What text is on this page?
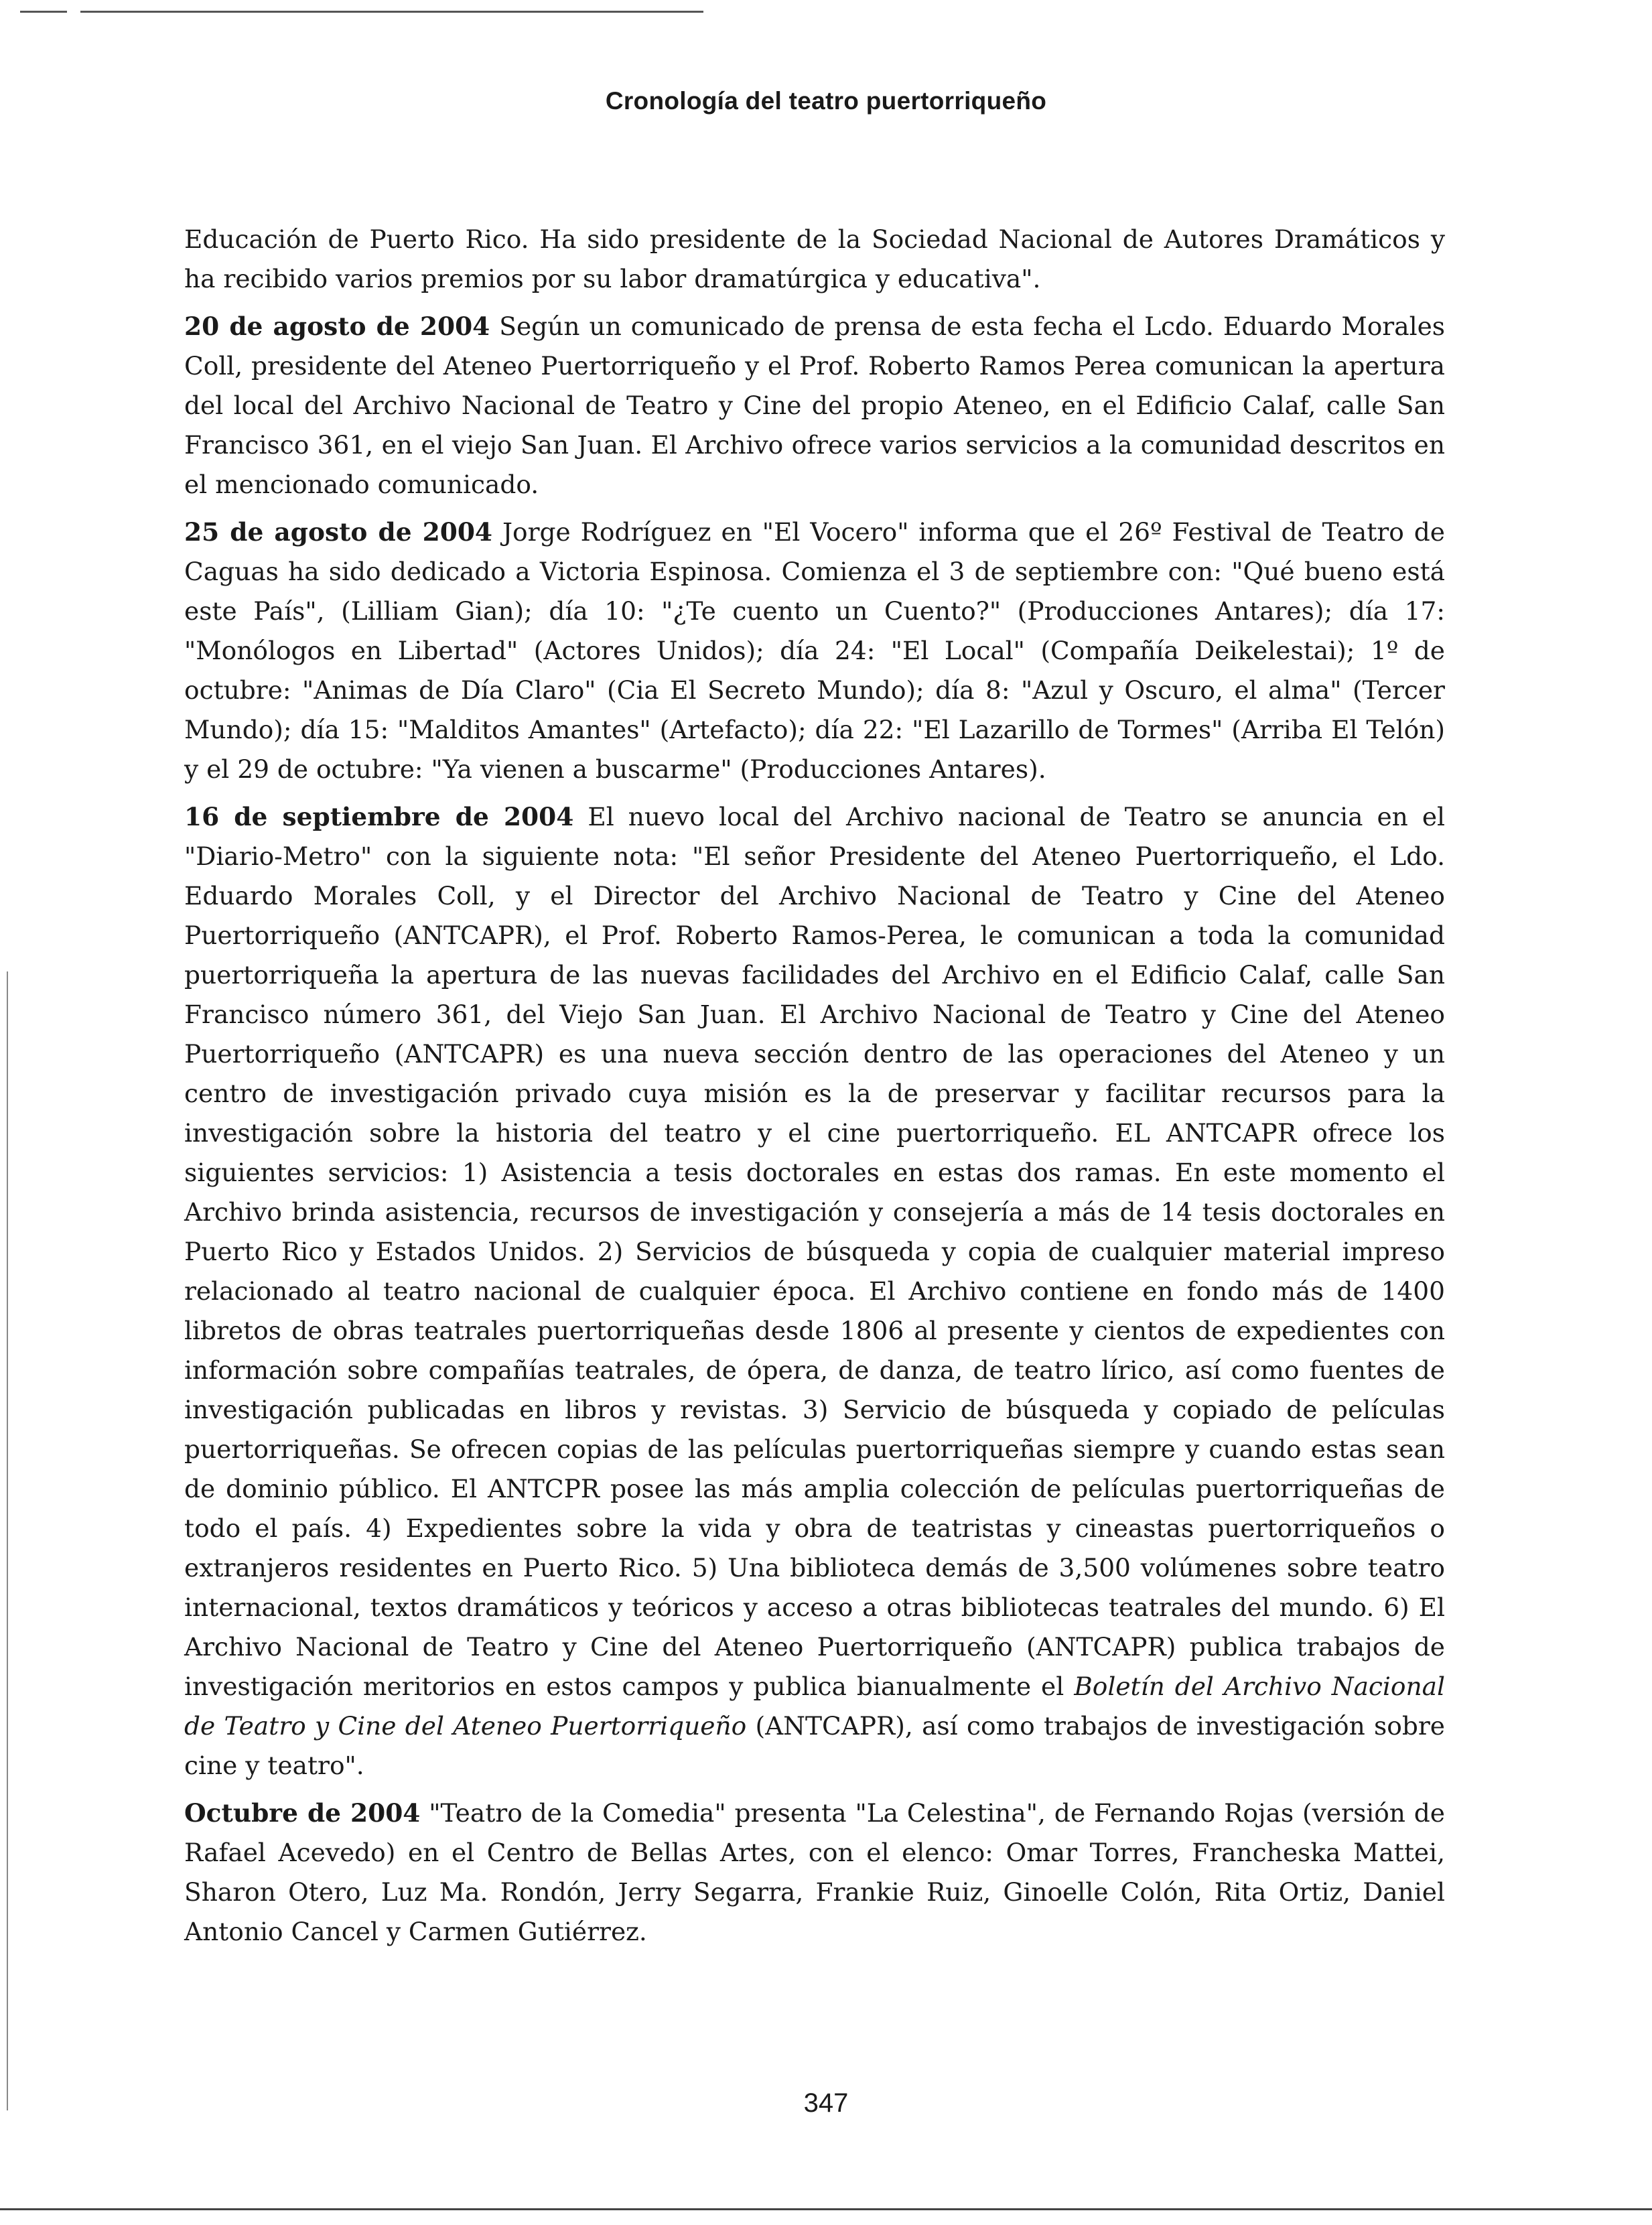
Cronología del teatro puertorriqueño

Educación de Puerto Rico. Ha sido presidente de la Sociedad Nacional de Autores Dramáticos y ha recibido varios premios por su labor dramatúrgica y educativa".

20 de agosto de 2004 Según un comunicado de prensa de esta fecha el Lcdo. Eduardo Morales Coll, presidente del Ateneo Puertorriqueño y el Prof. Roberto Ramos Perea comunican la apertura del local del Archivo Nacional de Teatro y Cine del propio Ateneo, en el Edificio Calaf, calle San Francisco 361, en el viejo San Juan. El Archivo ofrece varios servicios a la comunidad descritos en el mencionado comunicado.

25 de agosto de 2004 Jorge Rodríguez en "El Vocero" informa que el 26º Festival de Teatro de Caguas ha sido dedicado a Victoria Espinosa. Comienza el 3 de septiembre con: "Qué bueno está este País", (Lilliam Gian); día 10: "¿Te cuento un Cuento?" (Producciones Antares); día 17: "Monólogos en Libertad" (Actores Unidos); día 24: "El Local" (Compañía Deikelestai); 1º de octubre: "Animas de Día Claro" (Cia El Secreto Mundo); día 8: "Azul y Oscuro, el alma" (Tercer Mundo); día 15: "Malditos Amantes" (Artefacto); día 22: "El Lazarillo de Tormes" (Arriba El Telón) y el 29 de octubre: "Ya vienen a buscarme" (Producciones Antares).

16 de septiembre de 2004 El nuevo local del Archivo nacional de Teatro se anuncia en el "Diario-Metro" con la siguiente nota: "El señor Presidente del Ateneo Puertorriqueño, el Ldo. Eduardo Morales Coll, y el Director del Archivo Nacional de Teatro y Cine del Ateneo Puertorriqueño (ANTCAPR), el Prof. Roberto Ramos-Perea, le comunican a toda la comunidad puertorriqueña la apertura de las nuevas facilidades del Archivo en el Edificio Calaf, calle San Francisco número 361, del Viejo San Juan. El Archivo Nacional de Teatro y Cine del Ateneo Puertorriqueño (ANTCAPR) es una nueva sección dentro de las operaciones del Ateneo y un centro de investigación privado cuya misión es la de preservar y facilitar recursos para la investigación sobre la historia del teatro y el cine puertorriqueño. EL ANTCAPR ofrece los siguientes servicios: 1) Asistencia a tesis doctorales en estas dos ramas. En este momento el Archivo brinda asistencia, recursos de investigación y consejería a más de 14 tesis doctorales en Puerto Rico y Estados Unidos. 2) Servicios de búsqueda y copia de cualquier material impreso relacionado al teatro nacional de cualquier época. El Archivo contiene en fondo más de 1400 libretos de obras teatrales puertorriqueñas desde 1806 al presente y cientos de expedientes con información sobre compañías teatrales, de ópera, de danza, de teatro lírico, así como fuentes de investigación publicadas en libros y revistas. 3) Servicio de búsqueda y copiado de películas puertorriqueñas. Se ofrecen copias de las películas puertorriqueñas siempre y cuando estas sean de dominio público. El ANTCPR posee las más amplia colección de películas puertorriqueñas de todo el país. 4) Expedientes sobre la vida y obra de teatristas y cineastas puertorriqueños o extranjeros residentes en Puerto Rico. 5) Una biblioteca demás de 3,500 volúmenes sobre teatro internacional, textos dramáticos y teóricos y acceso a otras bibliotecas teatrales del mundo. 6) El Archivo Nacional de Teatro y Cine del Ateneo Puertorriqueño (ANTCAPR) publica trabajos de investigación meritorios en estos campos y publica bianualmente el Boletín del Archivo Nacional de Teatro y Cine del Ateneo Puertorriqueño (ANTCAPR), así como trabajos de investigación sobre cine y teatro".

Octubre de 2004 "Teatro de la Comedia" presenta "La Celestina", de Fernando Rojas (versión de Rafael Acevedo) en el Centro de Bellas Artes, con el elenco: Omar Torres, Francheska Mattei, Sharon Otero, Luz Ma. Rondón, Jerry Segarra, Frankie Ruiz, Ginoelle Colón, Rita Ortiz, Daniel Antonio Cancel y Carmen Gutiérrez.

347
